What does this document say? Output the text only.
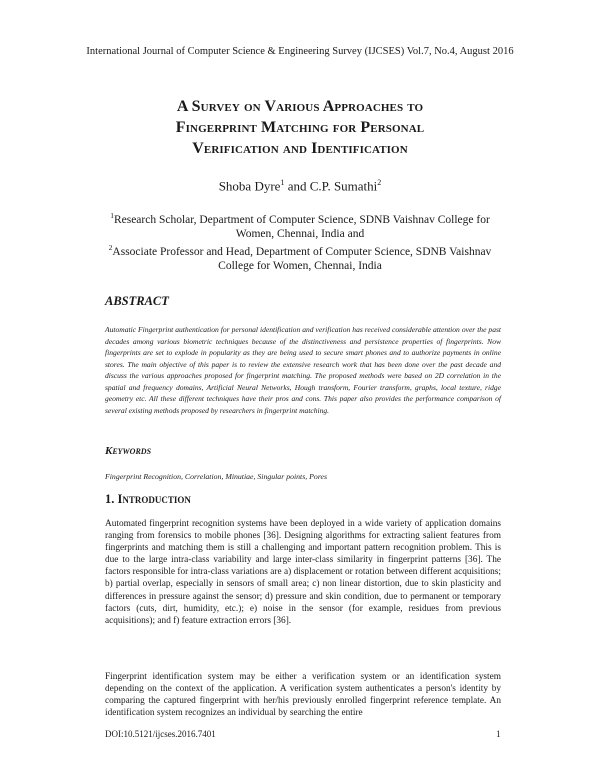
International Journal of Computer Science & Engineering Survey (IJCSES) Vol.7, No.4, August 2016
A Survey on Various Approaches to
Fingerprint Matching for Personal
Verification and Identification
Shoba Dyre$^1$ and C.P. Sumathi$^2$

$^1$Research Scholar, Department of Computer Science, SDNB Vaishnav College for Women, Chennai, India and

$^2$Associate Professor and Head, Department of Computer Science, SDNB Vaishnav College for Women, Chennai, India

ABSTRACT

Automatic Fingerprint authentication for personal identification and verification has received considerable attention over the past decades among various biometric techniques because of the distinctiveness and persistence properties of fingerprints. Now fingerprints are set to explode in popularity as they are being used to secure smart phones and to authorize payments in online stores. The main objective of this paper is to review the extensive research work that has been done over the past decade and discuss the various approaches proposed for fingerprint matching. The proposed methods were based on 2D correlation in the spatial and frequency domains, Artificial Neural Networks, Hough transform, Fourier transform, graphs, local texture, ridge geometry etc. All these different techniques have their pros and cons. This paper also provides the performance comparison of several existing methods proposed by researchers in fingerprint matching.

Keywords

Fingerprint Recognition, Correlation, Minutiae, Singular points, Pores

1. Introduction

Automated fingerprint recognition systems have been deployed in a wide variety of application domains ranging from forensics to mobile phones [36]. Designing algorithms for extracting salient features from fingerprints and matching them is still a challenging and important pattern recognition problem. This is due to the large intra-class variability and large inter-class similarity in fingerprint patterns [36]. The factors responsible for intra-class variations are a) displacement or rotation between different acquisitions; b) partial overlap, especially in sensors of small area; c) non linear distortion, due to skin plasticity and differences in pressure against the sensor; d) pressure and skin condition, due to permanent or temporary factors (cuts, dirt, humidity, etc.); e) noise in the sensor (for example, residues from previous acquisitions); and f) feature extraction errors [36].

Fingerprint identification system may be either a verification system or an identification system depending on the context of the application. A verification system authenticates a person's identity by comparing the captured fingerprint with her/his previously enrolled fingerprint reference template. An identification system recognizes an individual by searching the entire

DOI:10.5121/ijcses.2016.7401	1
